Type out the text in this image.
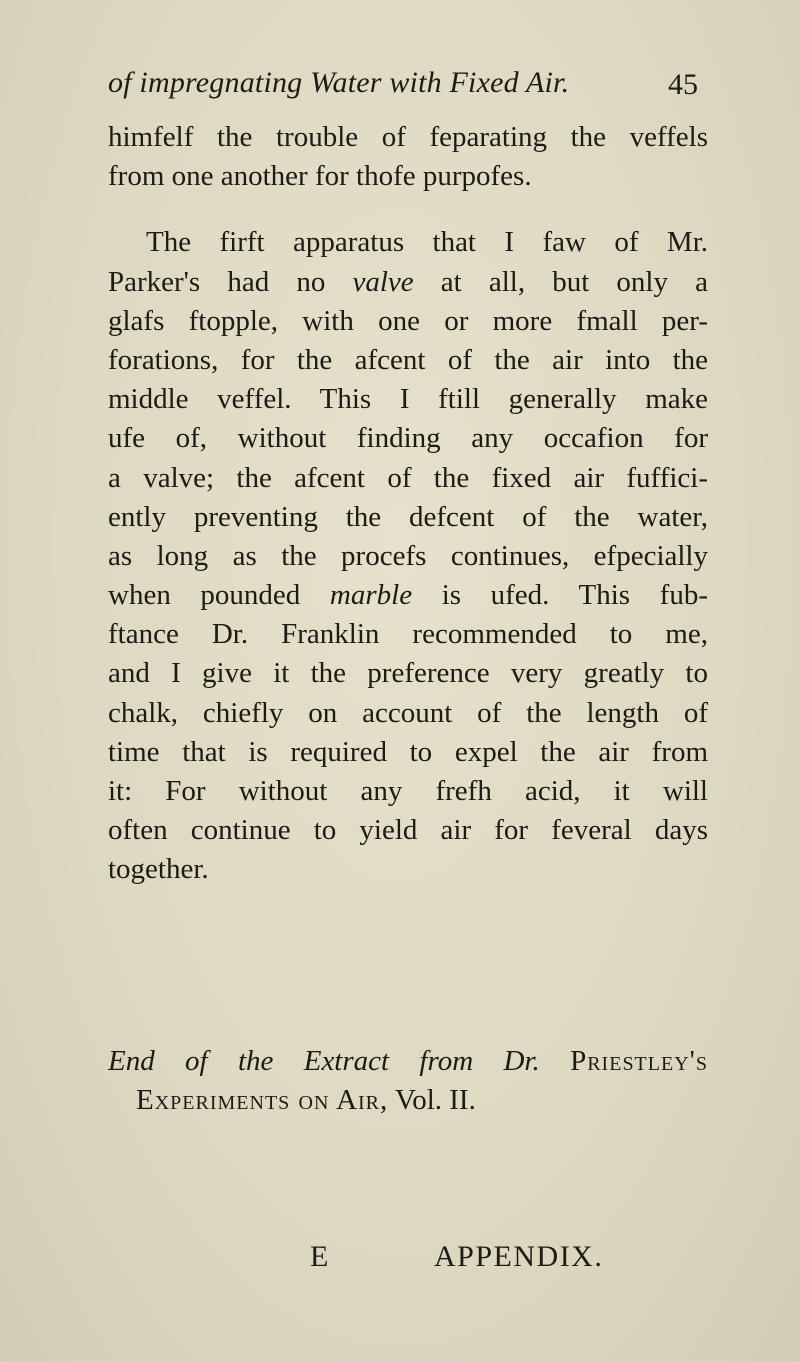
of impregnating Water with Fixed Air.	45
himfelf the trouble of feparating the veffels
from one another for thofe purpofes.
The firft apparatus that I faw of Mr.
Parker's had no valve at all, but only a
glafs ftopple, with one or more fmall per-
forations, for the afcent of the air into the
middle veffel. This I ftill generally make
ufe of, without finding any occafion for
a valve; the afcent of the fixed air fuffici-
ently preventing the defcent of the water,
as long as the procefs continues, efpecially
when pounded marble is ufed. This fub-
ftance Dr. Franklin recommended to me,
and I give it the preference very greatly to
chalk, chiefly on account of the length of
time that is required to expel the air from
it: For without any frefh acid, it will
often continue to yield air for feveral days
together.
End of the Extract from Dr. Priestley's
Experiments on Air, Vol. II.
E	APPENDIX.
